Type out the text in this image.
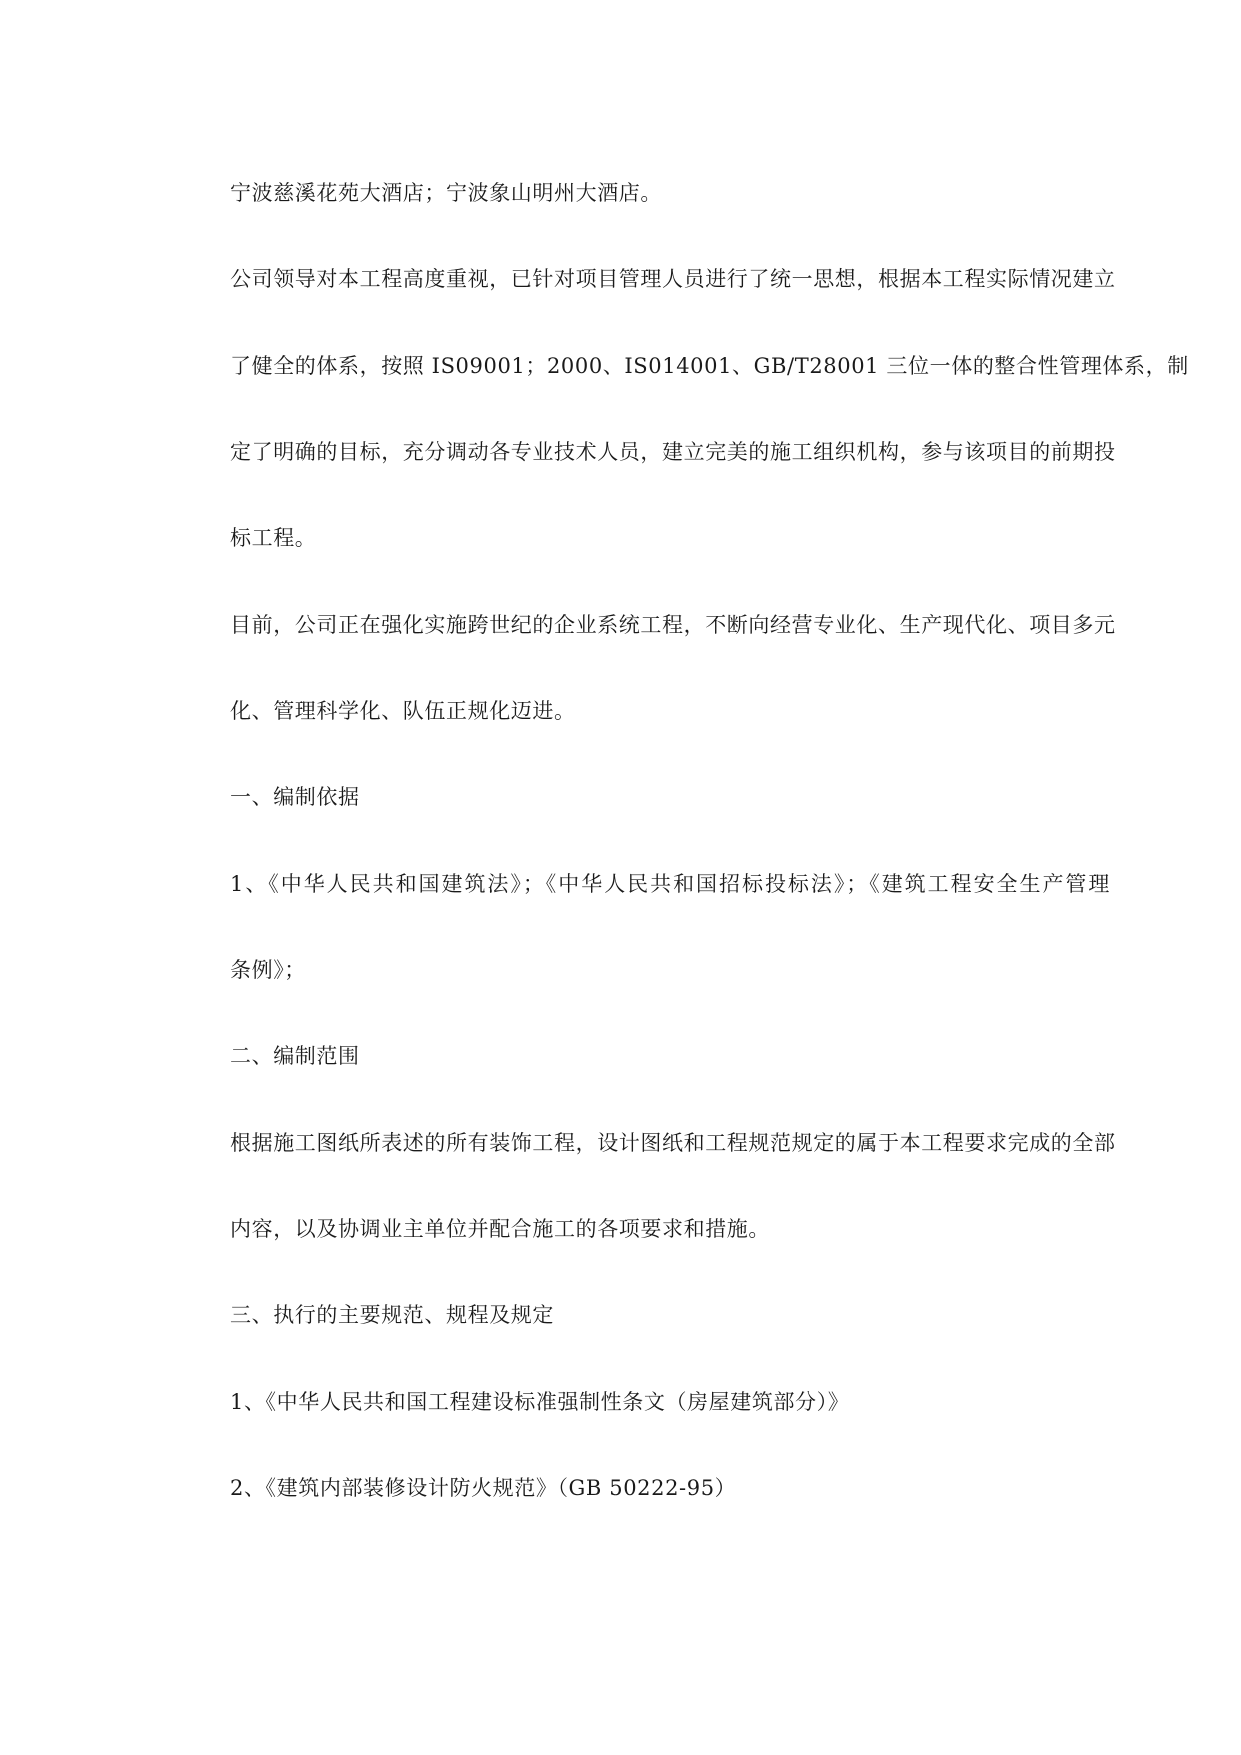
宁波慈溪花苑大酒店；宁波象山明州大酒店。
公司领导对本工程高度重视，已针对项目管理人员进行了统一思想，根据本工程实际情况建立
了健全的体系，按照 IS09001；2000、IS014001、GB/T28001 三位一体的整合性管理体系，制
定了明确的目标，充分调动各专业技术人员，建立完美的施工组织机构，参与该项目的前期投
标工程。
目前，公司正在强化实施跨世纪的企业系统工程，不断向经营专业化、生产现代化、项目多元
化、管理科学化、队伍正规化迈进。
一、编制依据
1、《中华人民共和国建筑法》；《中华人民共和国招标投标法》；《建筑工程安全生产管理
条例》；
二、编制范围
根据施工图纸所表述的所有装饰工程，设计图纸和工程规范规定的属于本工程要求完成的全部
内容，以及协调业主单位并配合施工的各项要求和措施。
三、执行的主要规范、规程及规定
1、《中华人民共和国工程建设标准强制性条文（房屋建筑部分）》
2、《建筑内部装修设计防火规范》（GB 50222-95）
